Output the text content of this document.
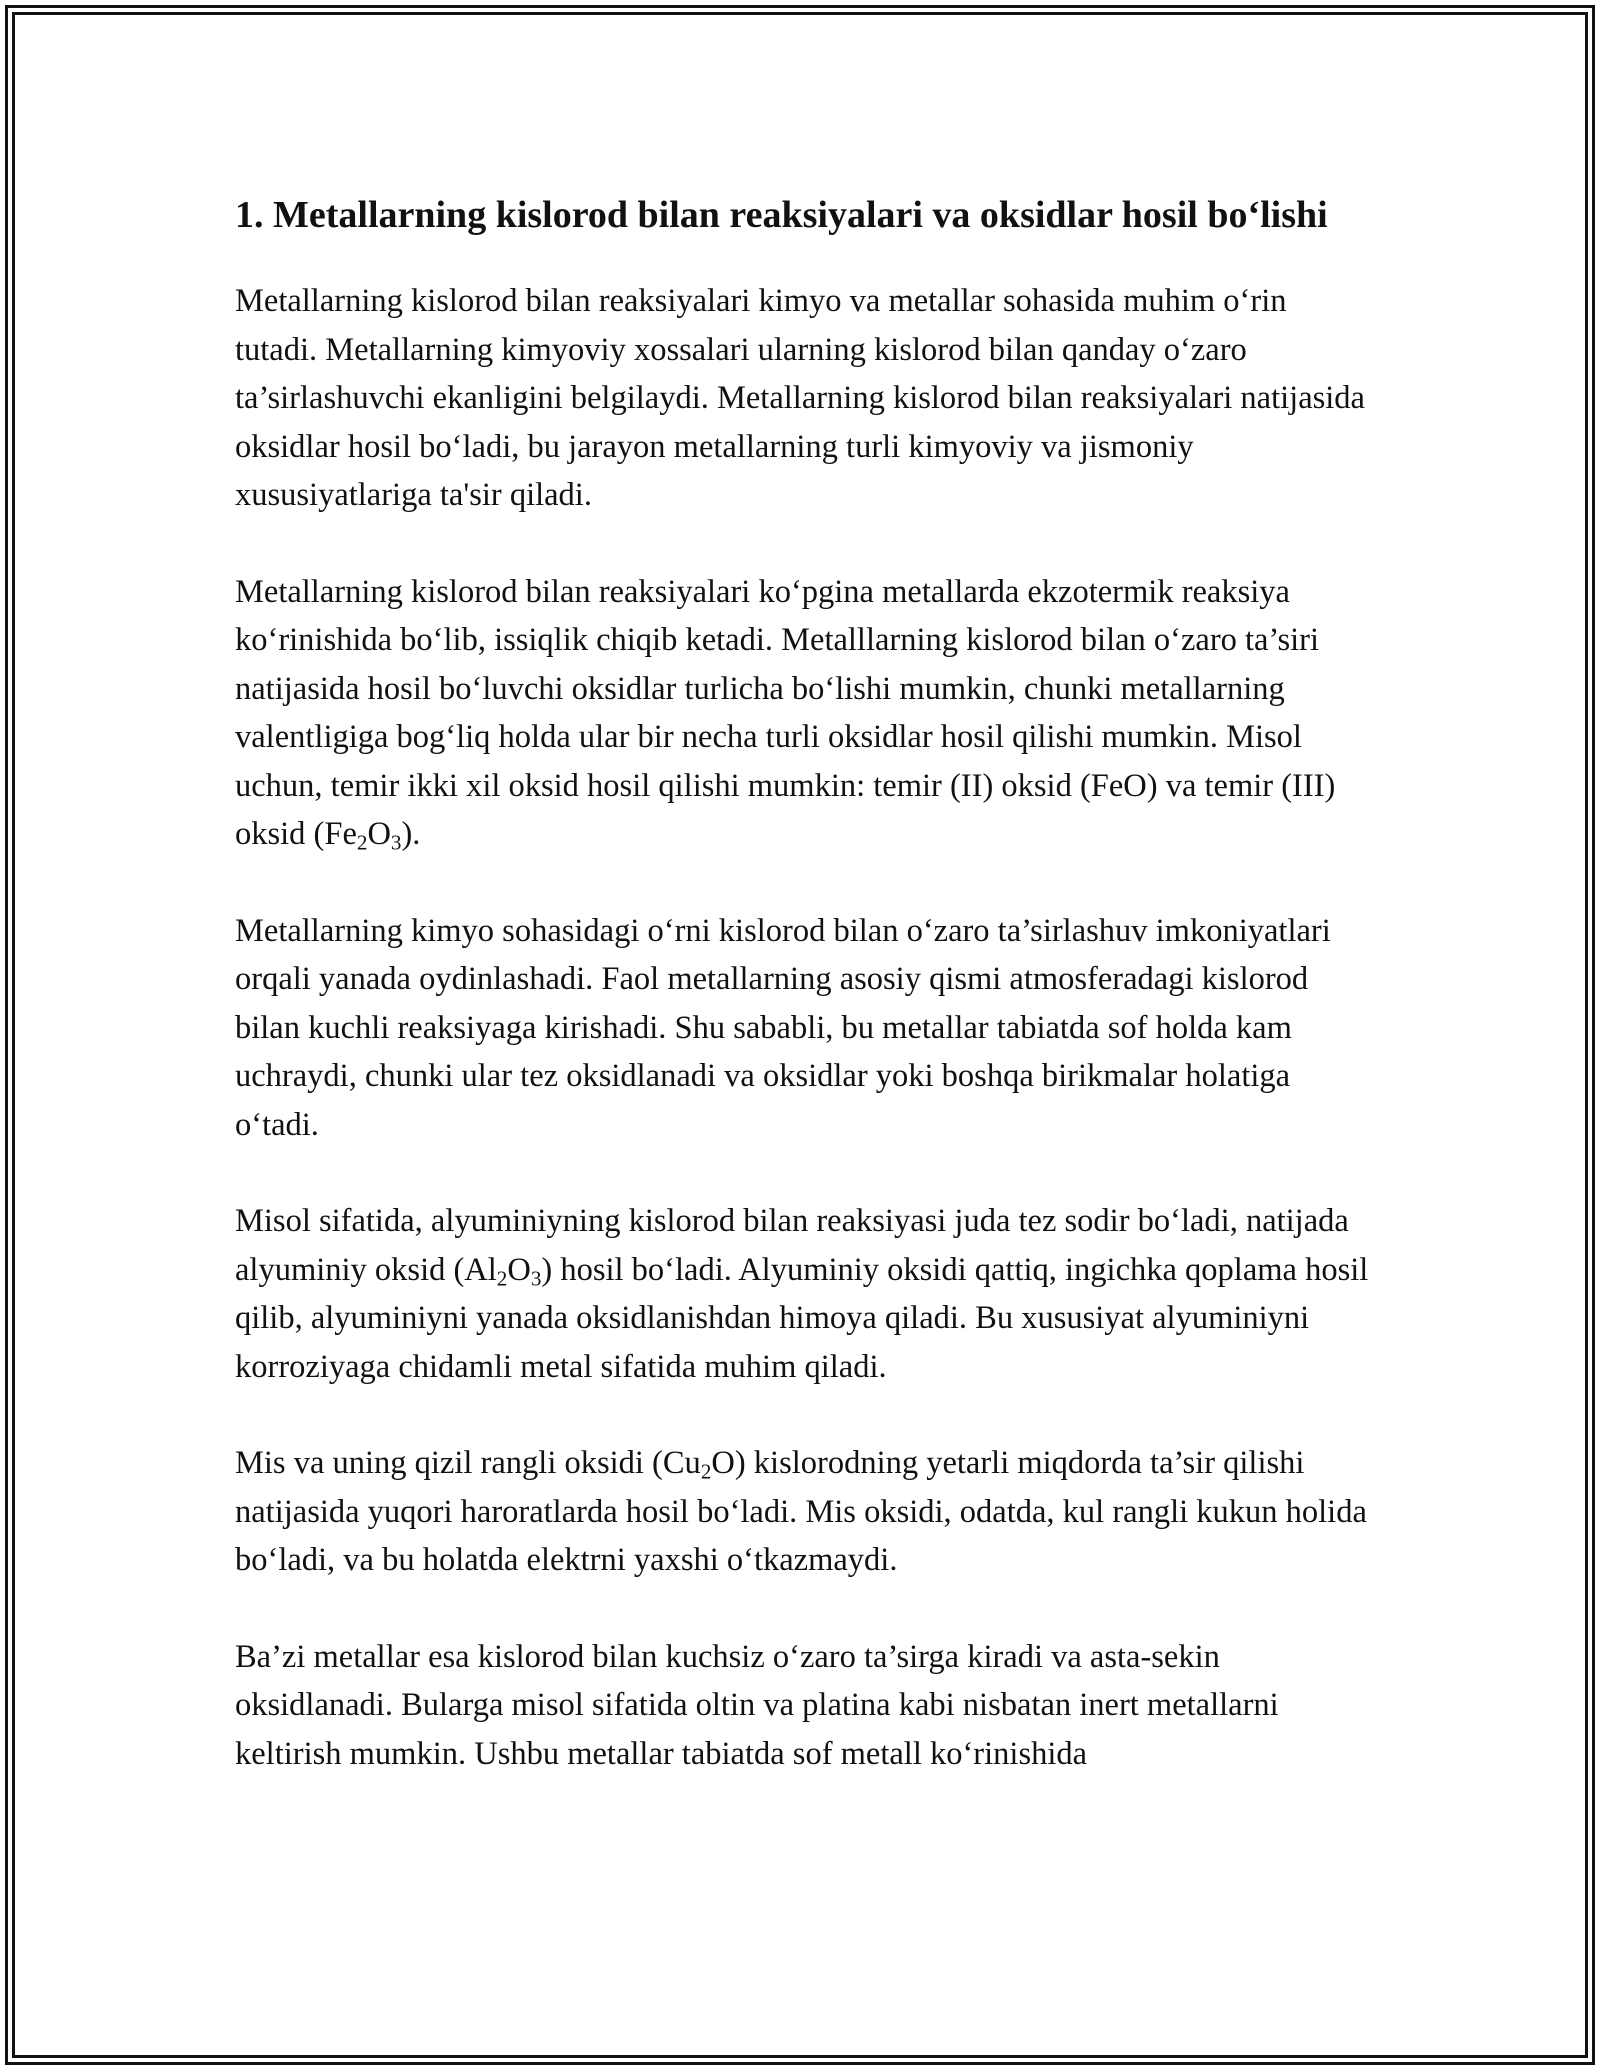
1. Metallarning kislorod bilan reaksiyalari va oksidlar hosil bo‘lishi

Metallarning kislorod bilan reaksiyalari kimyo va metallar sohasida muhim o‘rin tutadi. Metallarning kimyoviy xossalari ularning kislorod bilan qanday o‘zaro ta’sirlashuvchi ekanligini belgilaydi. Metallarning kislorod bilan reaksiyalari natijasida oksidlar hosil bo‘ladi, bu jarayon metallarning turli kimyoviy va jismoniy xususiyatlariga ta'sir qiladi.

Metallarning kislorod bilan reaksiyalari ko‘pgina metallarda ekzotermik reaksiya ko‘rinishida bo‘lib, issiqlik chiqib ketadi. Metalllarning kislorod bilan o‘zaro ta’siri natijasida hosil bo‘luvchi oksidlar turlicha bo‘lishi mumkin, chunki metallarning valentligiga bog‘liq holda ular bir necha turli oksidlar hosil qilishi mumkin. Misol uchun, temir ikki xil oksid hosil qilishi mumkin: temir (II) oksid (FeO) va temir (III) oksid $(Fe_2O_3)$.

Metallarning kimyo sohasidagi o‘rni kislorod bilan o‘zaro ta’sirlashuv imkoniyatlari orqali yanada oydinlashadi. Faol metallarning asosiy qismi atmosferadagi kislorod bilan kuchli reaksiyaga kirishadi. Shu sababli, bu metallar tabiatda sof holda kam uchraydi, chunki ular tez oksidlanadi va oksidlar yoki boshqa birikmalar holatiga o‘tadi.

Misol sifatida, alyuminiyning kislorod bilan reaksiyasi juda tez sodir bo‘ladi, natijada alyuminiy oksid $(Al_2O_3)$ hosil bo‘ladi. Alyuminiy oksidi qattiq, ingichka qoplama hosil qilib, alyuminiyni yanada oksidlanishdan himoya qiladi. Bu xususiyat alyuminiyni korroziyaga chidamli metal sifatida muhim qiladi.

Mis va uning qizil rangli oksidi $(Cu_2O)$ kislorodning yetarli miqdorda ta’sir qilishi natijasida yuqori haroratlarda hosil bo‘ladi. Mis oksidi, odatda, kul rangli kukun holida bo‘ladi, va bu holatda elektrni yaxshi o‘tkazmaydi.

Ba’zi metallar esa kislorod bilan kuchsiz o‘zaro ta’sirga kiradi va asta-sekin oksidlanadi. Bularga misol sifatida oltin va platina kabi nisbatan inert metallarni keltirish mumkin. Ushbu metallar tabiatda sof metall ko‘rinishida
